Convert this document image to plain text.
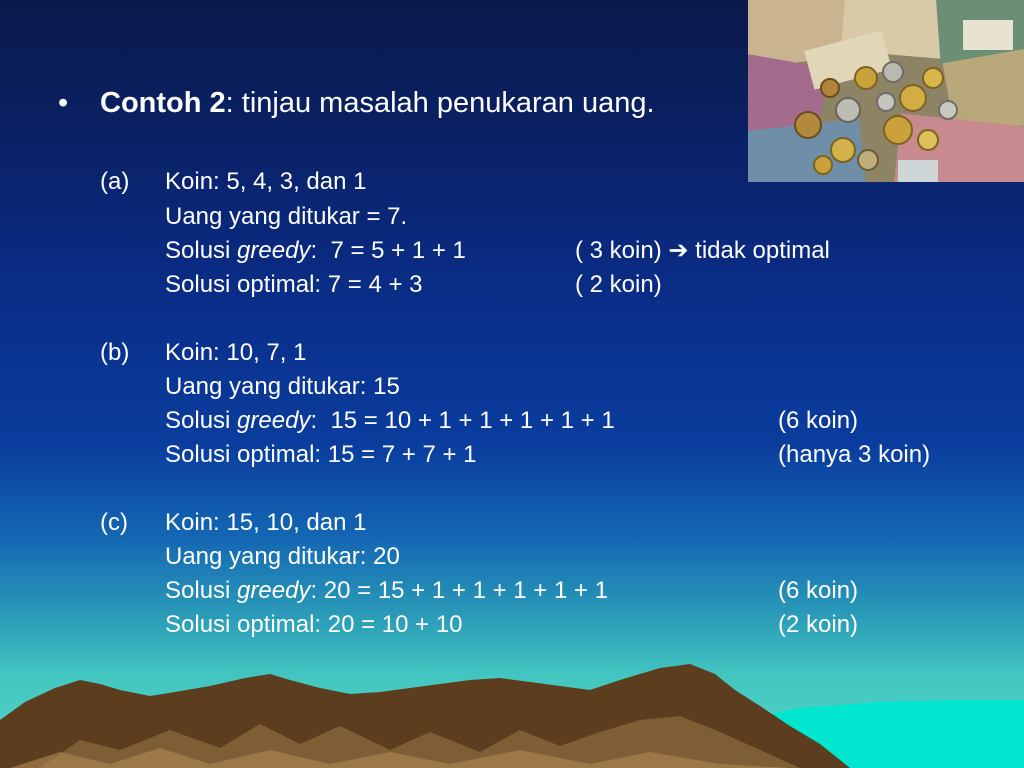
• Contoh 2: tinjau masalah penukaran uang.
(a) Koin: 5, 4, 3, dan 1
Uang yang ditukar = 7.
Solusi greedy:  7 = 5 + 1 + 1	( 3 koin) ➔ tidak optimal
Solusi optimal: 7 = 4 + 3	( 2 koin)
(b) Koin: 10, 7, 1
Uang yang ditukar: 15
Solusi greedy:  15 = 10 + 1 + 1 + 1 + 1 + 1	(6 koin)
Solusi optimal: 15 = 7 + 7 + 1	(hanya 3 koin)
(c) Koin: 15, 10, dan 1
Uang yang ditukar: 20
Solusi greedy: 20 = 15 + 1 + 1 + 1 + 1 + 1	(6 koin)
Solusi optimal: 20 = 10 + 10	(2 koin)
